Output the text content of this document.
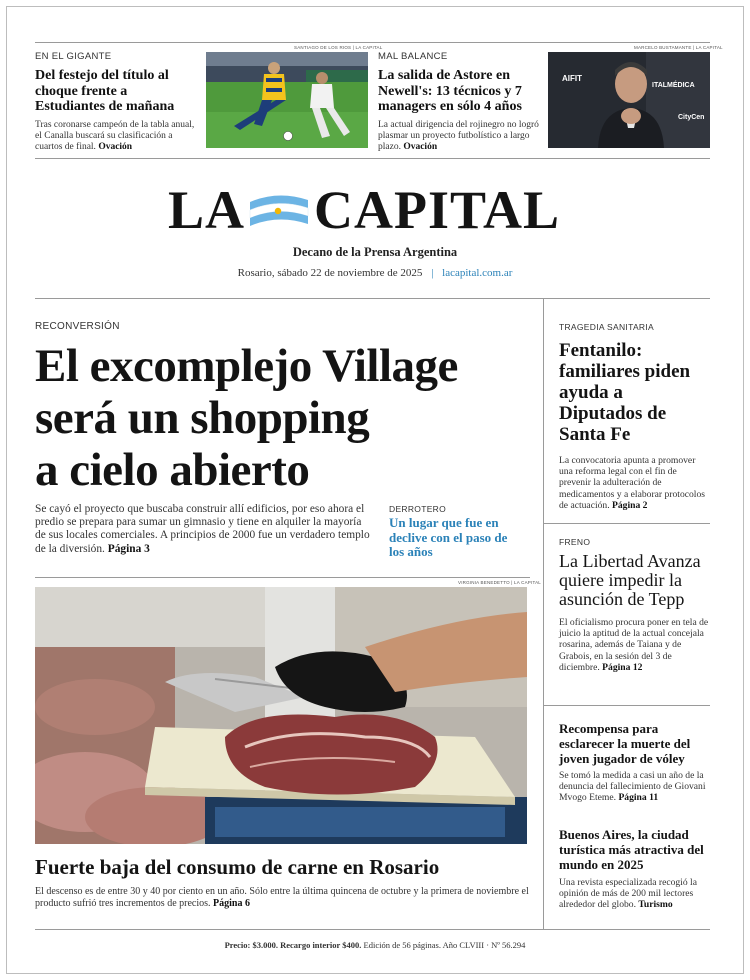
EN EL GIGANTE
Del festejo del título al choque frente a Estudiantes de mañana
Tras coronarse campeón de la tabla anual, el Canalla buscará su clasificación a cuartos de final. Ovación
SANTIAGO DE LOS RIOS | LA CAPITAL
MAL BALANCE
La salida de Astore en Newell's: 13 técnicos y 7 managers en sólo 4 años
La actual dirigencia del rojinegro no logró plasmar un proyecto futbolístico a largo plazo. Ovación
MARCELO BUSTAMANTE | LA CAPITAL
AIFIT
ITALMÉDICA
CityCen
LA CAPITAL
Decano de la Prensa Argentina
Rosario, sábado 22 de noviembre de 2025 | lacapital.com.ar
RECONVERSIÓN
El excomplejo Village
será un shopping
a cielo abierto
Se cayó el proyecto que buscaba construir allí edificios, por eso ahora el predio se prepara para sumar un gimnasio y tiene en alquiler la mayoría de sus locales comerciales. A principios de 2000 fue un verdadero templo de la diversión. Página 3
DERROTERO
Un lugar que fue en declive con el paso de los años
VIRGINIA BENEDETTO | LA CAPITAL
Fuerte baja del consumo de carne en Rosario
El descenso es de entre 30 y 40 por ciento en un año. Sólo entre la última quincena de octubre y la primera de noviembre el producto sufrió tres incrementos de precios. Página 6
TRAGEDIA SANITARIA
Fentanilo: familiares piden ayuda a Diputados de Santa Fe
La convocatoria apunta a promover una reforma legal con el fin de prevenir la adulteración de medicamentos y a elaborar protocolos de actuación. Página 2
FRENO
La Libertad Avanza quiere impedir la asunción de Tepp
El oficialismo procura poner en tela de juicio la aptitud de la actual concejala rosarina, además de Taiana y de Grabois, en la sesión del 3 de diciembre. Página 12
Recompensa para esclarecer la muerte del joven jugador de vóley
Se tomó la medida a casi un año de la denuncia del fallecimiento de Giovani Mvogo Eteme. Página 11
Buenos Aires, la ciudad turística más atractiva del mundo en 2025
Una revista especializada recogió la opinión de más de 200 mil lectores alrededor del globo. Turismo
Precio: $3.000. Recargo interior $400. Edición de 56 páginas. Año CLVIII · Nº 56.294
